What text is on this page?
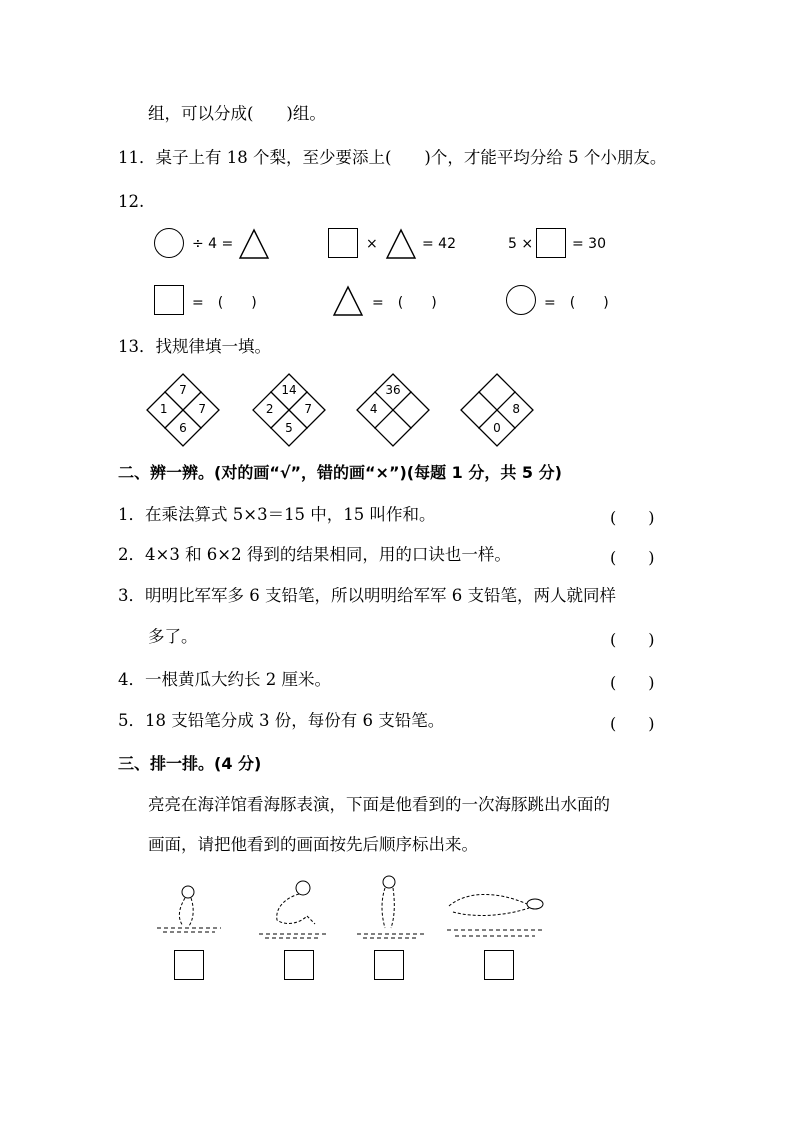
组，可以分成(　　)组。
11．桌子上有 18 个梨，至少要添上(　　)个，才能平均分给 5 个小朋友。
12.
÷ 4 =	×	= 42	5 ×	= 30
=　(　　)	=　(　　)	=　(　　)
13．找规律填一填。
7
1	7
6
14
2	7
5
36
4	8
0
二、辨一辨。(对的画“√”，错的画“×”)(每题 1 分，共 5 分)
1．在乘法算式 5×3＝15 中，15 叫作和。	(　　)
2．4×3 和 6×2 得到的结果相同，用的口诀也一样。	(　　)
3．明明比军军多 6 支铅笔，所以明明给军军 6 支铅笔，两人就同样
多了。	(　　)
4．一根黄瓜大约长 2 厘米。	(　　)
5．18 支铅笔分成 3 份，每份有 6 支铅笔。	(　　)
三、排一排。(4 分)
亮亮在海洋馆看海豚表演，下面是他看到的一次海豚跳出水面的
画面，请把他看到的画面按先后顺序标出来。
